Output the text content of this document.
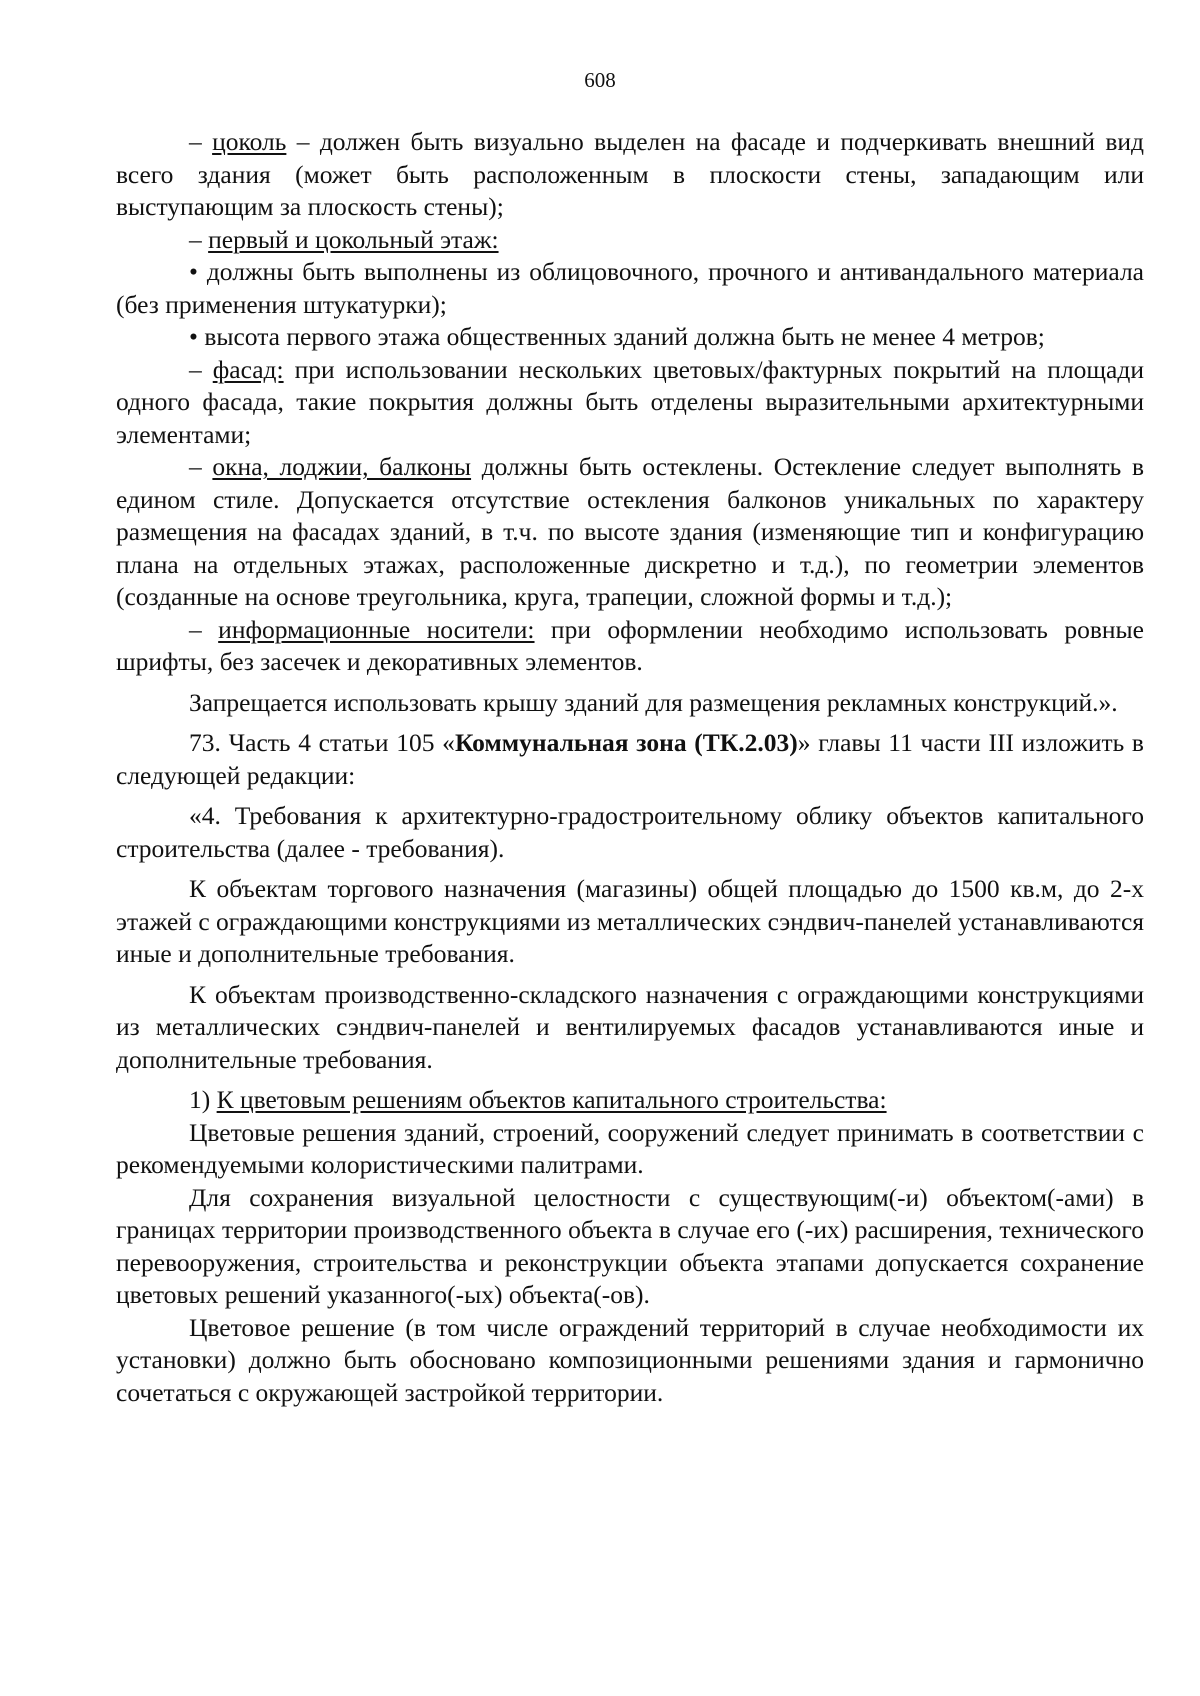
608

– цоколь – должен быть визуально выделен на фасаде и подчеркивать внешний вид всего здания (может быть расположенным в плоскости стены, западающим или выступающим за плоскость стены);

– первый и цокольный этаж:

• должны быть выполнены из облицовочного, прочного и антивандального материала (без применения штукатурки);

• высота первого этажа общественных зданий должна быть не менее 4 метров;

– фасад: при использовании нескольких цветовых/фактурных покрытий на площади одного фасада, такие покрытия должны быть отделены выразительными архитектурными элементами;

– окна, лоджии, балконы должны быть остеклены. Остекление следует выполнять в едином стиле. Допускается отсутствие остекления балконов уникальных по характеру размещения на фасадах зданий, в т.ч. по высоте здания (изменяющие тип и конфигурацию плана на отдельных этажах, расположенные дискретно и т.д.), по геометрии элементов (созданные на основе треугольника, круга, трапеции, сложной формы и т.д.);

– информационные носители: при оформлении необходимо использовать ровные шрифты, без засечек и декоративных элементов.

Запрещается использовать крышу зданий для размещения рекламных конструкций.».

73. Часть 4 статьи 105 «Коммунальная зона (ТК.2.03)» главы 11 части III изложить в следующей редакции:

«4. Требования к архитектурно-градостроительному облику объектов капитального строительства (далее - требования).

К объектам торгового назначения (магазины) общей площадью до 1500 кв.м, до 2-х этажей с ограждающими конструкциями из металлических сэндвич-панелей устанавливаются иные и дополнительные требования.

К объектам производственно-складского назначения с ограждающими конструкциями из металлических сэндвич-панелей и вентилируемых фасадов устанавливаются иные и дополнительные требования.

1) К цветовым решениям объектов капитального строительства:

Цветовые решения зданий, строений, сооружений следует принимать в соответствии с рекомендуемыми колористическими палитрами.

Для сохранения визуальной целостности с существующим(-и) объектом(-ами) в границах территории производственного объекта в случае его (-их) расширения, технического перевооружения, строительства и реконструкции объекта этапами допускается сохранение цветовых решений указанного(-ых) объекта(-ов).

Цветовое решение (в том числе ограждений территорий в случае необходимости их установки) должно быть обосновано композиционными решениями здания и гармонично сочетаться с окружающей застройкой территории.
